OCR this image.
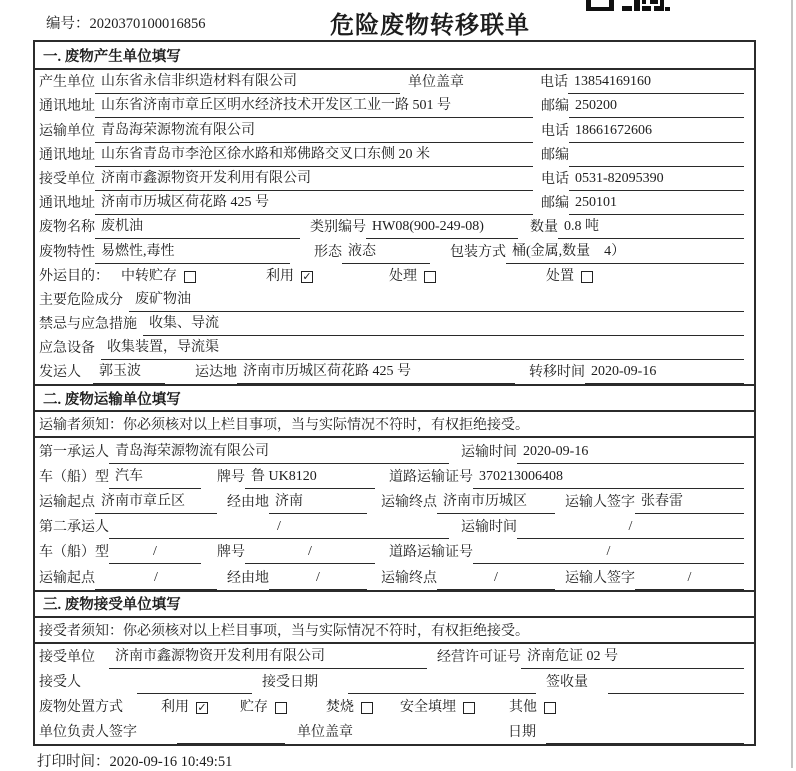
编号：2020370100016856	危险废物转移联单
一. 废物产生单位填写
产生单位 山东省永信非织造材料有限公司	单位盖章	电话 13854169160
通讯地址 山东省济南市章丘区明水经济技术开发区工业一路 501 号	邮编 250200
运输单位 青岛海荣源物流有限公司	电话 18661672606
通讯地址 山东省青岛市李沧区徐水路和郑佛路交叉口东侧 20 米	邮编
接受单位 济南市鑫源物资开发利用有限公司	电话 0531-82095390
通讯地址 济南市历城区荷花路 425 号	邮编 250101
废物名称 废机油	类别编号 HW08(900-249-08)	数量 0.8 吨
废物特性 易燃性,毒性	形态 液态	包装方式 桶(金属,数量　4）
外运目的： 中转贮存	利用 ✓	处理	处置
主要危险成分 废矿物油
禁忌与应急措施 收集、导流
应急设备 收集装置，导流渠
发运人	郭玉波	运达地 济南市历城区荷花路 425 号	转移时间 2020-09-16
二. 废物运输单位填写
运输者须知：你必须核对以上栏目事项，当与实际情况不符时，有权拒绝接受。
第一承运人 青岛海荣源物流有限公司	运输时间 2020-09-16
车（船）型 汽车	牌号 鲁 UK8120	道路运输证号 370213006408
运输起点 济南市章丘区	经由地 济南	运输终点 济南市历城区	运输人签字 张春雷
第二承运人	/	运输时间	/
车（船）型	/	牌号	/	道路运输证号	/
运输起点	/	经由地	/	运输终点	/	运输人签字	/
三. 废物接受单位填写
接受者须知：你必须核对以上栏目事项，当与实际情况不符时，有权拒绝接受。
接受单位	济南市鑫源物资开发利用有限公司	经营许可证号 济南危证 02 号
接受人	接受日期	签收量
废物处置方式	利用 ✓ 贮存	焚烧	安全填埋	其他
单位负责人签字	单位盖章	日期
打印时间：2020-09-16 10:49:51
